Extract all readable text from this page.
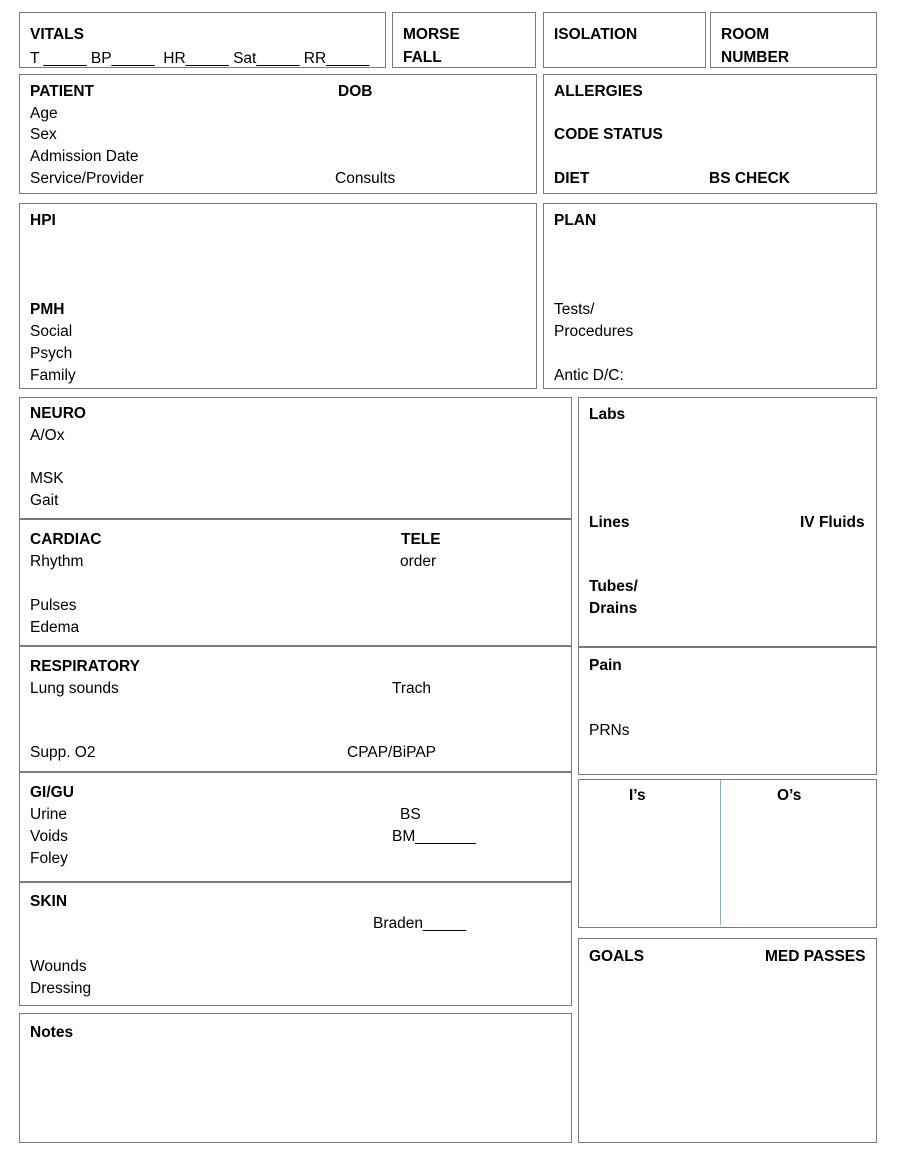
VITALS
T _____ BP_____  HR_____ Sat_____ RR_____
MORSE
FALL
ISOLATION	ROOM
NUMBER
PATIENT	DOB
Age
Sex
Admission Date
Service/Provider	Consults
ALLERGIES
CODE STATUS
DIET	BS CHECK
HPI
PMH
Social
Psych
Family
PLAN
Tests/
Procedures
Antic D/C:
NEURO
A/Ox
MSK
Gait
CARDIAC	TELE
Rhythm	order
Pulses
Edema
RESPIRATORY
Lung sounds	Trach
Supp. O2	CPAP/BiPAP
GI/GU
Urine	BS
Voids	BM_______
Foley
SKIN
Braden_____
Wounds
Dressing
Notes
Labs
Lines	IV Fluids
Tubes/
Drains
Pain
PRNs
I’s	O’s
GOALS	MED PASSES
